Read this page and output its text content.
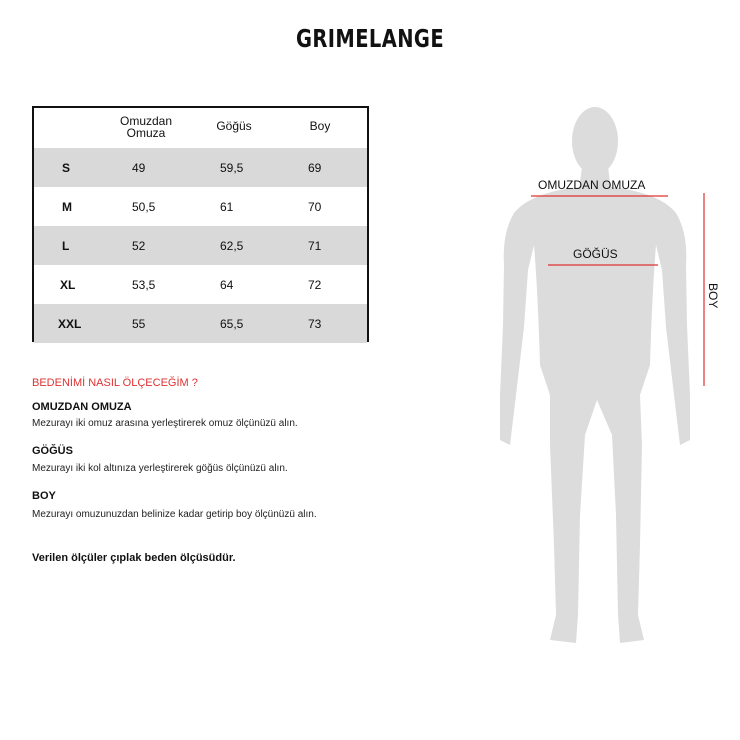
GRIMELANGE
Omuzdan
Omuza	Göğüs	Boy
S	49	59,5	69
M	50,5	61	70
L	52	62,5	71
XL	53,5	64	72
XXL	55	65,5	73
BEDENİMİ NASIL ÖLÇECEĞİM ?
OMUZDAN OMUZA
Mezurayı iki omuz arasına yerleştirerek omuz ölçünüzü alın.
GÖĞÜS
Mezurayı iki kol altınıza yerleştirerek göğüs ölçünüzü alın.
BOY
Mezurayı omuzunuzdan belinize kadar getirip boy ölçünüzü alın.
Verilen ölçüler çıplak beden ölçüsüdür.
OMUZDAN OMUZA
GÖĞÜS
BOY
